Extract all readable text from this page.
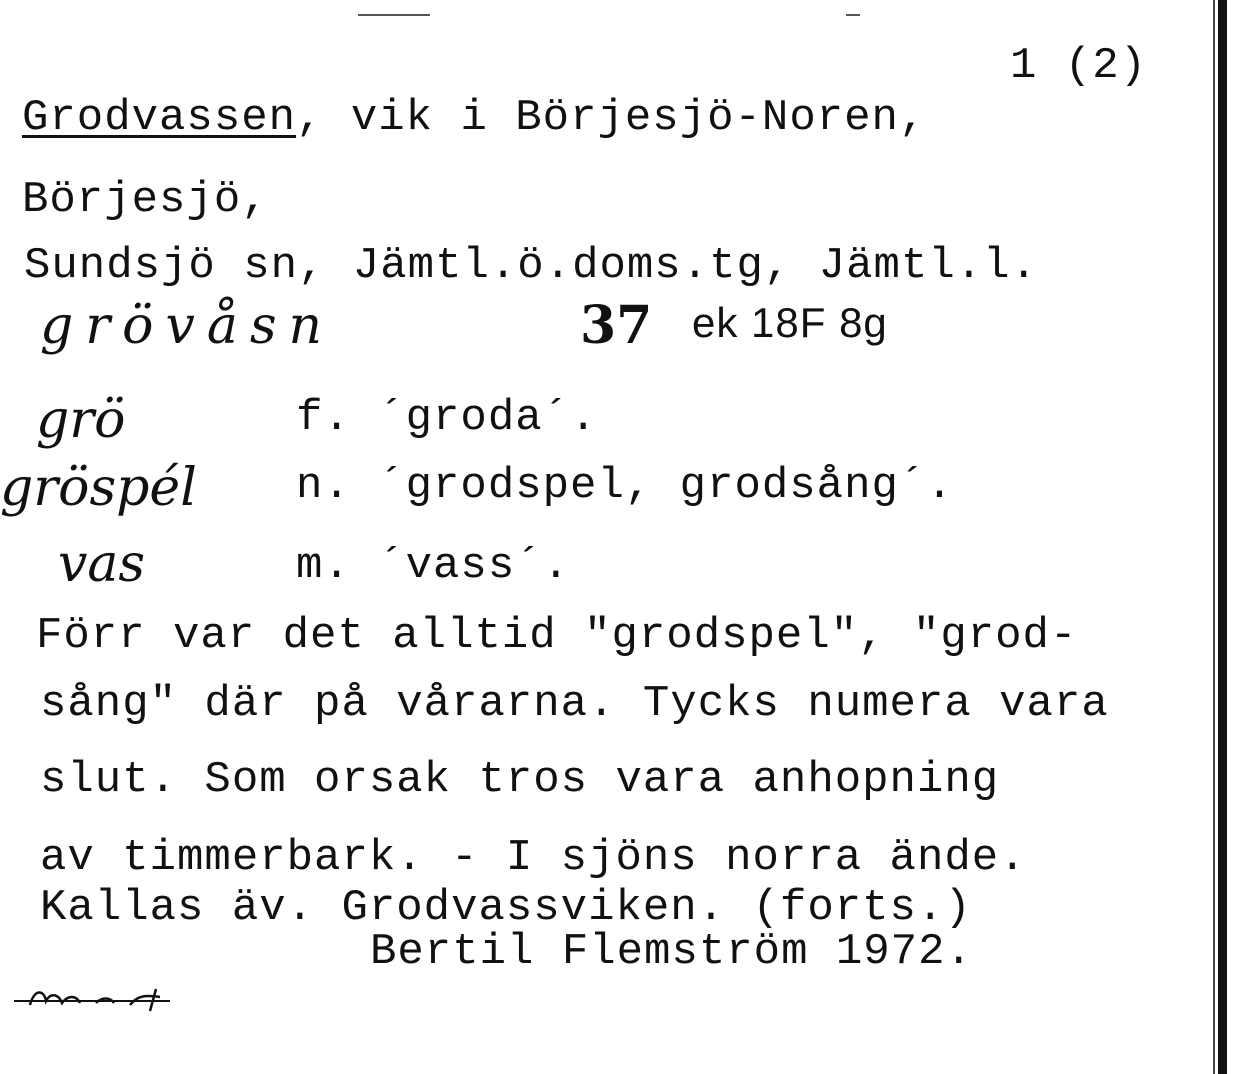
1 (2)
Grodvassen, vik i Börjesjö-Noren,
Börjesjö,
Sundsjö sn, Jämtl.ö.doms.tg, Jämtl.l.
grövåsn	37 ek 18F 8g
grö	f. ´groda´.
gröspél n. ´grodspel, grodsång´.
vas	m. ´vass´.
Förr var det alltid "grodspel", "grod-
sång" där på vårarna. Tycks numera vara
slut. Som orsak tros vara anhopning
av timmerbark. - I sjöns norra ände.
Kallas äv. Grodvassviken. (forts.)
Bertil Flemström 1972.
